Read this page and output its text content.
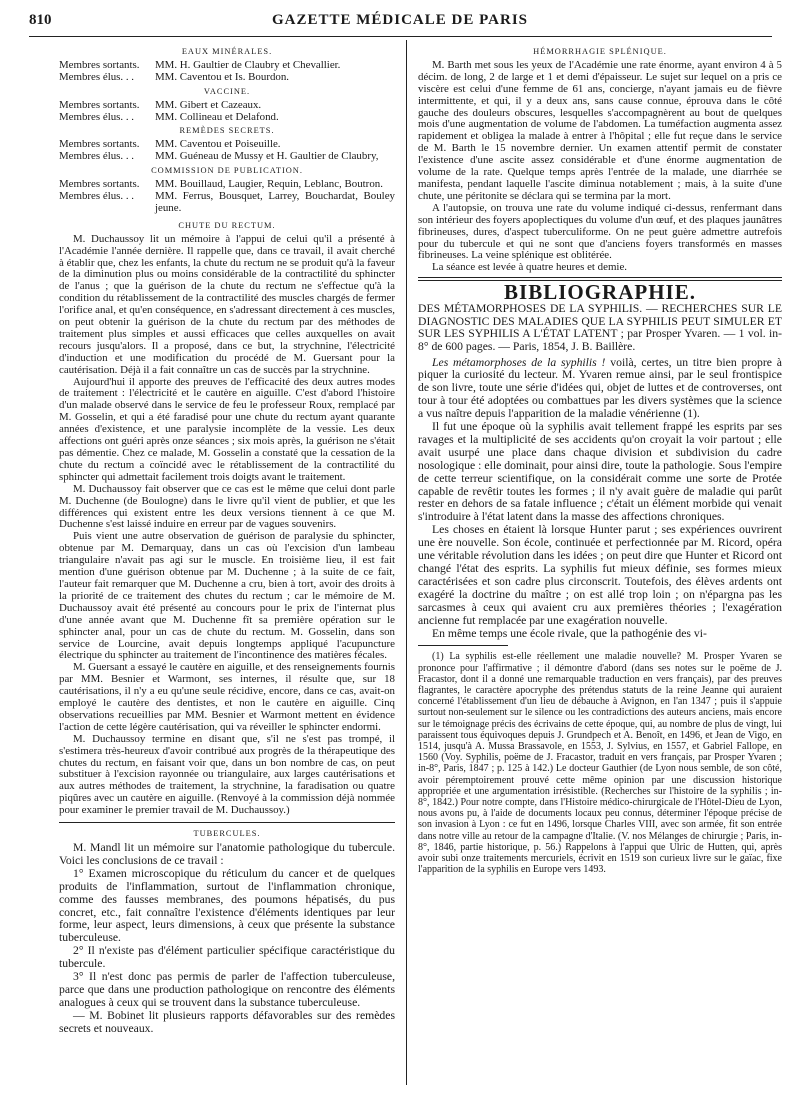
810	GAZETTE MÉDICALE DE PARIS
EAUX MINÉRALES.
Membres sortants.	MM. H. Gaultier de Claubry et Chevallier.
Membres élus. . .	MM. Caventou et Is. Bourdon.
VACCINE.
Membres sortants.	MM. Gibert et Cazeaux.
Membres élus. . .	MM. Collineau et Delafond.
REMÈDES SECRETS.
Membres sortants.	MM. Caventou et Poiseuille.
Membres élus. . .	MM. Guéneau de Mussy et H. Gaultier de Claubry,
COMMISSION DE PUBLICATION.
Membres sortants.	MM. Bouillaud, Laugier, Requin, Leblanc, Boutron.
Membres élus. . .	MM. Ferrus, Bousquet, Larrey, Bouchardat, Bouley jeune.
CHUTE DU RECTUM.

M. Duchaussoy lit un mémoire à l'appui de celui qu'il a présenté à l'Académie l'année dernière. Il rappelle que, dans ce travail, il avait cherché à établir que, chez les enfants, la chute du rectum ne se produit qu'à la faveur de la diminution plus ou moins considérable de la contractilité du sphincter de l'anus ; que la guérison de la chute du rectum ne s'effectue qu'à la condition du rétablissement de la contractilité des muscles chargés de fermer l'orifice anal, et qu'en conséquence, en s'adressant directement à ces muscles, on peut obtenir la guérison de la chute du rectum par des méthodes de traitement plus simples et aussi efficaces que celles auxquelles on avait recours jusqu'alors. Il a proposé, dans ce but, la strychnine, l'électricité d'induction et une modification du procédé de M. Guersant pour la cautérisation. Déjà il a fait connaître un cas de succès par la strychnine.

Aujourd'hui il apporte des preuves de l'efficacité des deux autres modes de traitement : l'électricité et le cautère en aiguille. C'est d'abord l'histoire d'un malade observé dans le service de feu le professeur Roux, remplacé par M. Gosselin, et qui a été faradisé pour une chute du rectum ayant quarante années d'existence, et une paralysie incomplète de la vessie. Les deux affections ont guéri après onze séances ; six mois après, la guérison ne s'était pas démentie. Chez ce malade, M. Gosselin a constaté que la cessation de la chute du rectum a coïncidé avec le rétablissement de la contractilité du sphincter qui admettait facilement trois doigts avant le traitement.

M. Duchaussoy fait observer que ce cas est le même que celui dont parle M. Duchenne (de Boulogne) dans le livre qu'il vient de publier, et que les différences qui existent entre les deux versions tiennent à ce que M. Duchenne s'est laissé induire en erreur par de vagues souvenirs.

Puis vient une autre observation de guérison de paralysie du sphincter, obtenue par M. Demarquay, dans un cas où l'excision d'un lambeau triangulaire n'avait pas agi sur le muscle. En troisième lieu, il est fait mention d'une guérison obtenue par M. Duchenne ; à la suite de ce fait, l'auteur fait remarquer que M. Duchenne a cru, bien à tort, avoir des droits à la priorité de ce traitement des chutes du rectum ; car le mémoire de M. Duchaussoy avait été présenté au concours pour le prix de l'internat plus d'une année avant que M. Duchenne fît sa première opération sur le sphincter anal, pour un cas de chute du rectum. M. Gosselin, dans son service de Lourcine, avait depuis longtemps appliqué l'acupuncture électrique du sphincter au traitement de l'incontinence des matières fécales.

M. Guersant a essayé le cautère en aiguille, et des renseignements fournis par MM. Besnier et Warmont, ses internes, il résulte que, sur 18 cautérisations, il n'y a eu qu'une seule récidive, encore, dans ce cas, avait-on employé le cautère des dentistes, et non le cautère en aiguille. Cinq observations recueillies par MM. Besnier et Warmont mettent en évidence l'action de cette légère cautérisation, qui va réveiller le sphincter endormi.

M. Duchaussoy termine en disant que, s'il ne s'est pas trompé, il s'estimera très-heureux d'avoir contribué aux progrès de la thérapeutique des chutes du rectum, en faisant voir que, dans un bon nombre de cas, on peut substituer à l'excision rayonnée ou triangulaire, aux larges cautérisations et aux autres méthodes de traitement, la strychnine, la faradisation ou quatre piqûres avec un cautère en aiguille. (Renvoyé à la commission déjà nommée pour examiner le premier travail de M. Duchaussoy.)

TUBERCULES.

M. Mandl lit un mémoire sur l'anatomie pathologique du tubercule. Voici les conclusions de ce travail :

1° Examen microscopique du réticulum du cancer et de quelques produits de l'inflammation, surtout de l'inflammation chronique, comme des fausses membranes, des poumons hépatisés, du pus concret, etc., fait connaître l'existence d'éléments identiques par leur forme, leur aspect, leurs dimensions, à ceux que présente la substance tuberculeuse.

2° Il n'existe pas d'élément particulier spécifique caractéristique du tubercule.

3° Il n'est donc pas permis de parler de l'affection tuberculeuse, parce que dans une production pathologique on rencontre des éléments analogues à ceux qui se trouvent dans la substance tuberculeuse.

— M. Bobinet lit plusieurs rapports défavorables sur des remèdes secrets et nouveaux.

HÉMORRHAGIE SPLÉNIQUE.

M. Barth met sous les yeux de l'Académie une rate énorme, ayant environ 4 à 5 décim. de long, 2 de large et 1 et demi d'épaisseur. Le sujet sur lequel on a pris ce viscère est celui d'une femme de 61 ans, concierge, n'ayant jamais eu de fièvre intermittente, et qui, il y a deux ans, sans cause connue, éprouva dans le côté gauche des douleurs obscures, lesquelles s'accompagnèrent au bout de quelques mois d'une augmentation de volume de l'abdomen. La tuméfaction augmenta assez rapidement et obligea la malade à entrer à l'hôpital ; elle fut reçue dans le service de M. Barth le 15 novembre dernier. Un examen attentif permit de constater l'existence d'une ascite assez considérable et d'une énorme augmentation de volume de la rate. Quelque temps après l'entrée de la malade, une diarrhée se manifesta, pendant laquelle l'ascite diminua notablement ; mais, à la suite d'une chute, une péritonite se déclara qui se termina par la mort.

A l'autopsie, on trouva une rate du volume indiqué ci-dessus, renfermant dans son intérieur des foyers apoplectiques du volume d'un œuf, et des plaques jaunâtres fibrineuses, dures, d'aspect tuberculiforme. On ne peut guère admettre autrefois pour du tubercule et qui ne sont que d'anciens foyers transformés en masses fibrineuses. La veine splénique est oblitérée.

La séance est levée à quatre heures et demie.

BIBLIOGRAPHIE.

DES MÉTAMORPHOSES DE LA SYPHILIS. — RECHERCHES SUR LE DIAGNOSTIC DES MALADIES QUE LA SYPHILIS PEUT SIMULER ET SUR LES SYPHILIS A L'ÉTAT LATENT ; par Prosper Yvaren. — 1 vol. in-8° de 600 pages. — Paris, 1854, J. B. Baillère.

Les métamorphoses de la syphilis ! voilà, certes, un titre bien propre à piquer la curiosité du lecteur. M. Yvaren remue ainsi, par le seul frontispice de son livre, toute une série d'idées qui, objet de luttes et de controverses, ont tour à tour été adoptées ou combattues par les divers systèmes que la science a vus naître depuis l'apparition de la maladie vénérienne (1).

Il fut une époque où la syphilis avait tellement frappé les esprits par ses ravages et la multiplicité de ses accidents qu'on croyait la voir partout ; elle avait usurpé une place dans chaque division et subdivision du cadre nosologique : elle dominait, pour ainsi dire, toute la pathologie. Sous l'empire de cette terreur scientifique, on la considérait comme une sorte de Protée capable de revêtir toutes les formes ; il n'y avait guère de maladie qui parût rester en dehors de sa fatale influence ; c'était un élément morbide qui venait s'introduire à l'état latent dans la masse des affections chroniques.

Les choses en étaient là lorsque Hunter parut ; ses expériences ouvrirent une ère nouvelle. Son école, continuée et perfectionnée par M. Ricord, opéra une véritable révolution dans les idées ; on peut dire que Hunter et Ricord ont changé l'état des esprits. La syphilis fut mieux définie, ses formes mieux caractérisées et son cadre plus circonscrit. Toutefois, des élèves ardents ont exagéré la doctrine du maître ; on est allé trop loin ; on n'épargna pas les sarcasmes à ceux qui avaient cru aux premières théories ; l'exagération ancienne fut remplacée par une exagération nouvelle.

En même temps une école rivale, que la pathogénie des vi-

(1) La syphilis est-elle réellement une maladie nouvelle? M. Prosper Yvaren se prononce pour l'affirmative ; il démontre d'abord (dans ses notes sur le poëme de J. Fracastor, dont il a donné une remarquable traduction en vers français), par des preuves flagrantes, le caractère apocryphe des prétendus statuts de la reine Jeanne qui auraient concerné l'établissement d'un lieu de débauche à Avignon, en l'an 1347 ; puis il s'appuie surtout non-seulement sur le silence ou les contradictions des auteurs anciens, mais encore sur le témoignage précis des écrivains de cette époque, qui, au nombre de plus de vingt, lui paraissent tous équivoques depuis J. Grundpech et A. Benoît, en 1496, et Jean de Vigo, en 1514, jusqu'à A. Mussa Brassavole, en 1553, J. Sylvius, en 1557, et Gabriel Fallope, en 1560 (Voy. Syphilis, poëme de J. Fracastor, traduit en vers français, par Prosper Yvaren ; in-8°, Paris, 1847 ; p. 125 à 142.) Le docteur Gauthier (de Lyon nous semble, de son côté, avoir péremptoirement prouvé cette même opinion par une discussion historique appropriée et une argumentation irrésistible. (Recherches sur l'histoire de la syphilis ; in-8°, 1842.) Pour notre compte, dans l'Histoire médico-chirurgicale de l'Hôtel-Dieu de Lyon, nous avons pu, à l'aide de documents locaux peu connus, déterminer l'époque précise de son invasion à Lyon : ce fut en 1496, lorsque Charles VIII, avec son armée, fit son entrée dans notre ville au retour de la campagne d'Italie. (V. nos Mélanges de chirurgie ; Paris, in-8°, 1846, partie historique, p. 56.) Rappelons à l'appui que Ulric de Hutten, qui, après avoir subi onze traitements mercuriels, écrivit en 1519 son curieux livre sur le gaïac, fixe l'apparition de la syphilis en Europe vers 1493.
